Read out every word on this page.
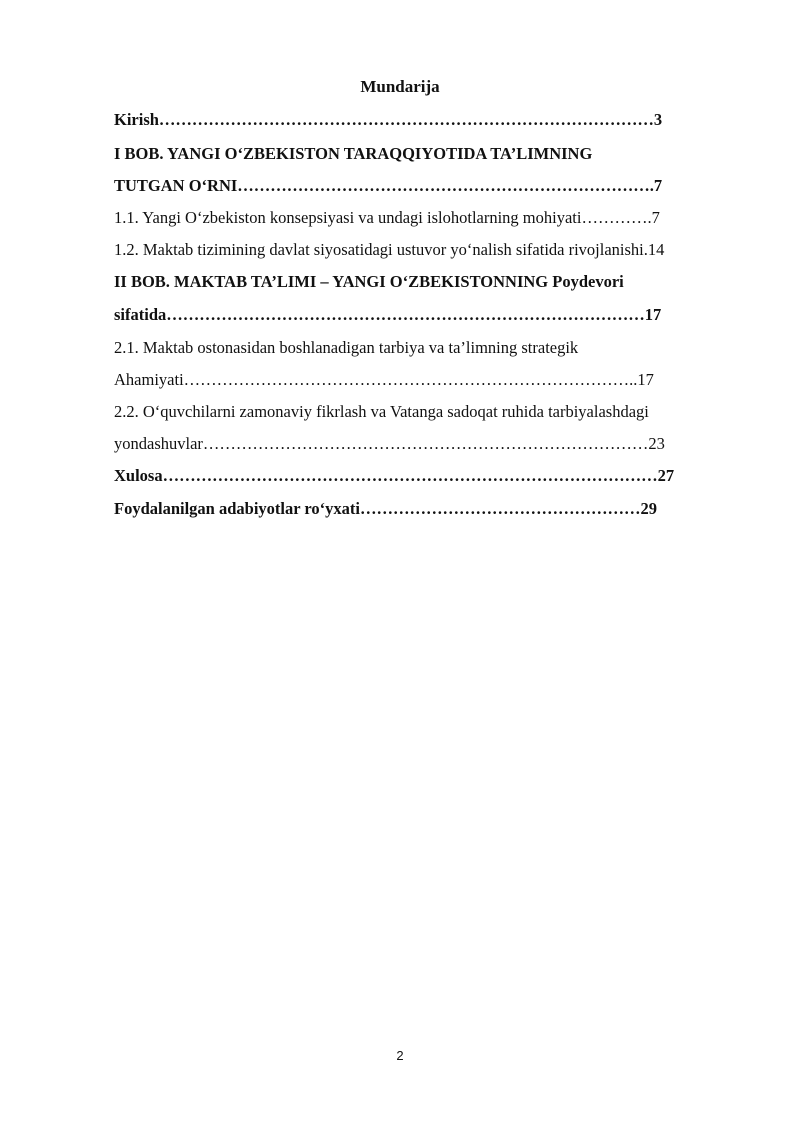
Mundarija
Kirish………………………………………………………………………………3
I BOB. YANGI O‘ZBEKISTON TARAQQIYOTIDA TA’LIMNING
TUTGAN O‘RNI………………………………………………………………….7
1.1. Yangi O‘zbekiston konsepsiyasi va undagi islohotlarning mohiyati………….7
1.2. Maktab tizimining davlat siyosatidagi ustuvor yo‘nalish sifatida rivojlanishi.14
II BOB. MAKTAB TA’LIMI – YANGI O‘ZBEKISTONNING Poydevori
sifatida……………………………………………………………………………17
2.1. Maktab ostonasidan boshlanadigan tarbiya va ta’limning strategik
Ahamiyati………………………………………………………………………..17
2.2. O‘quvchilarni zamonaviy fikrlash va Vatanga sadoqat ruhida tarbiyalashdagi
yondashuvlar………………………………………………………………………23
Xulosa………………………………………………………………………………27
Foydalanilgan adabiyotlar ro‘yxati……………………………………………29
2
